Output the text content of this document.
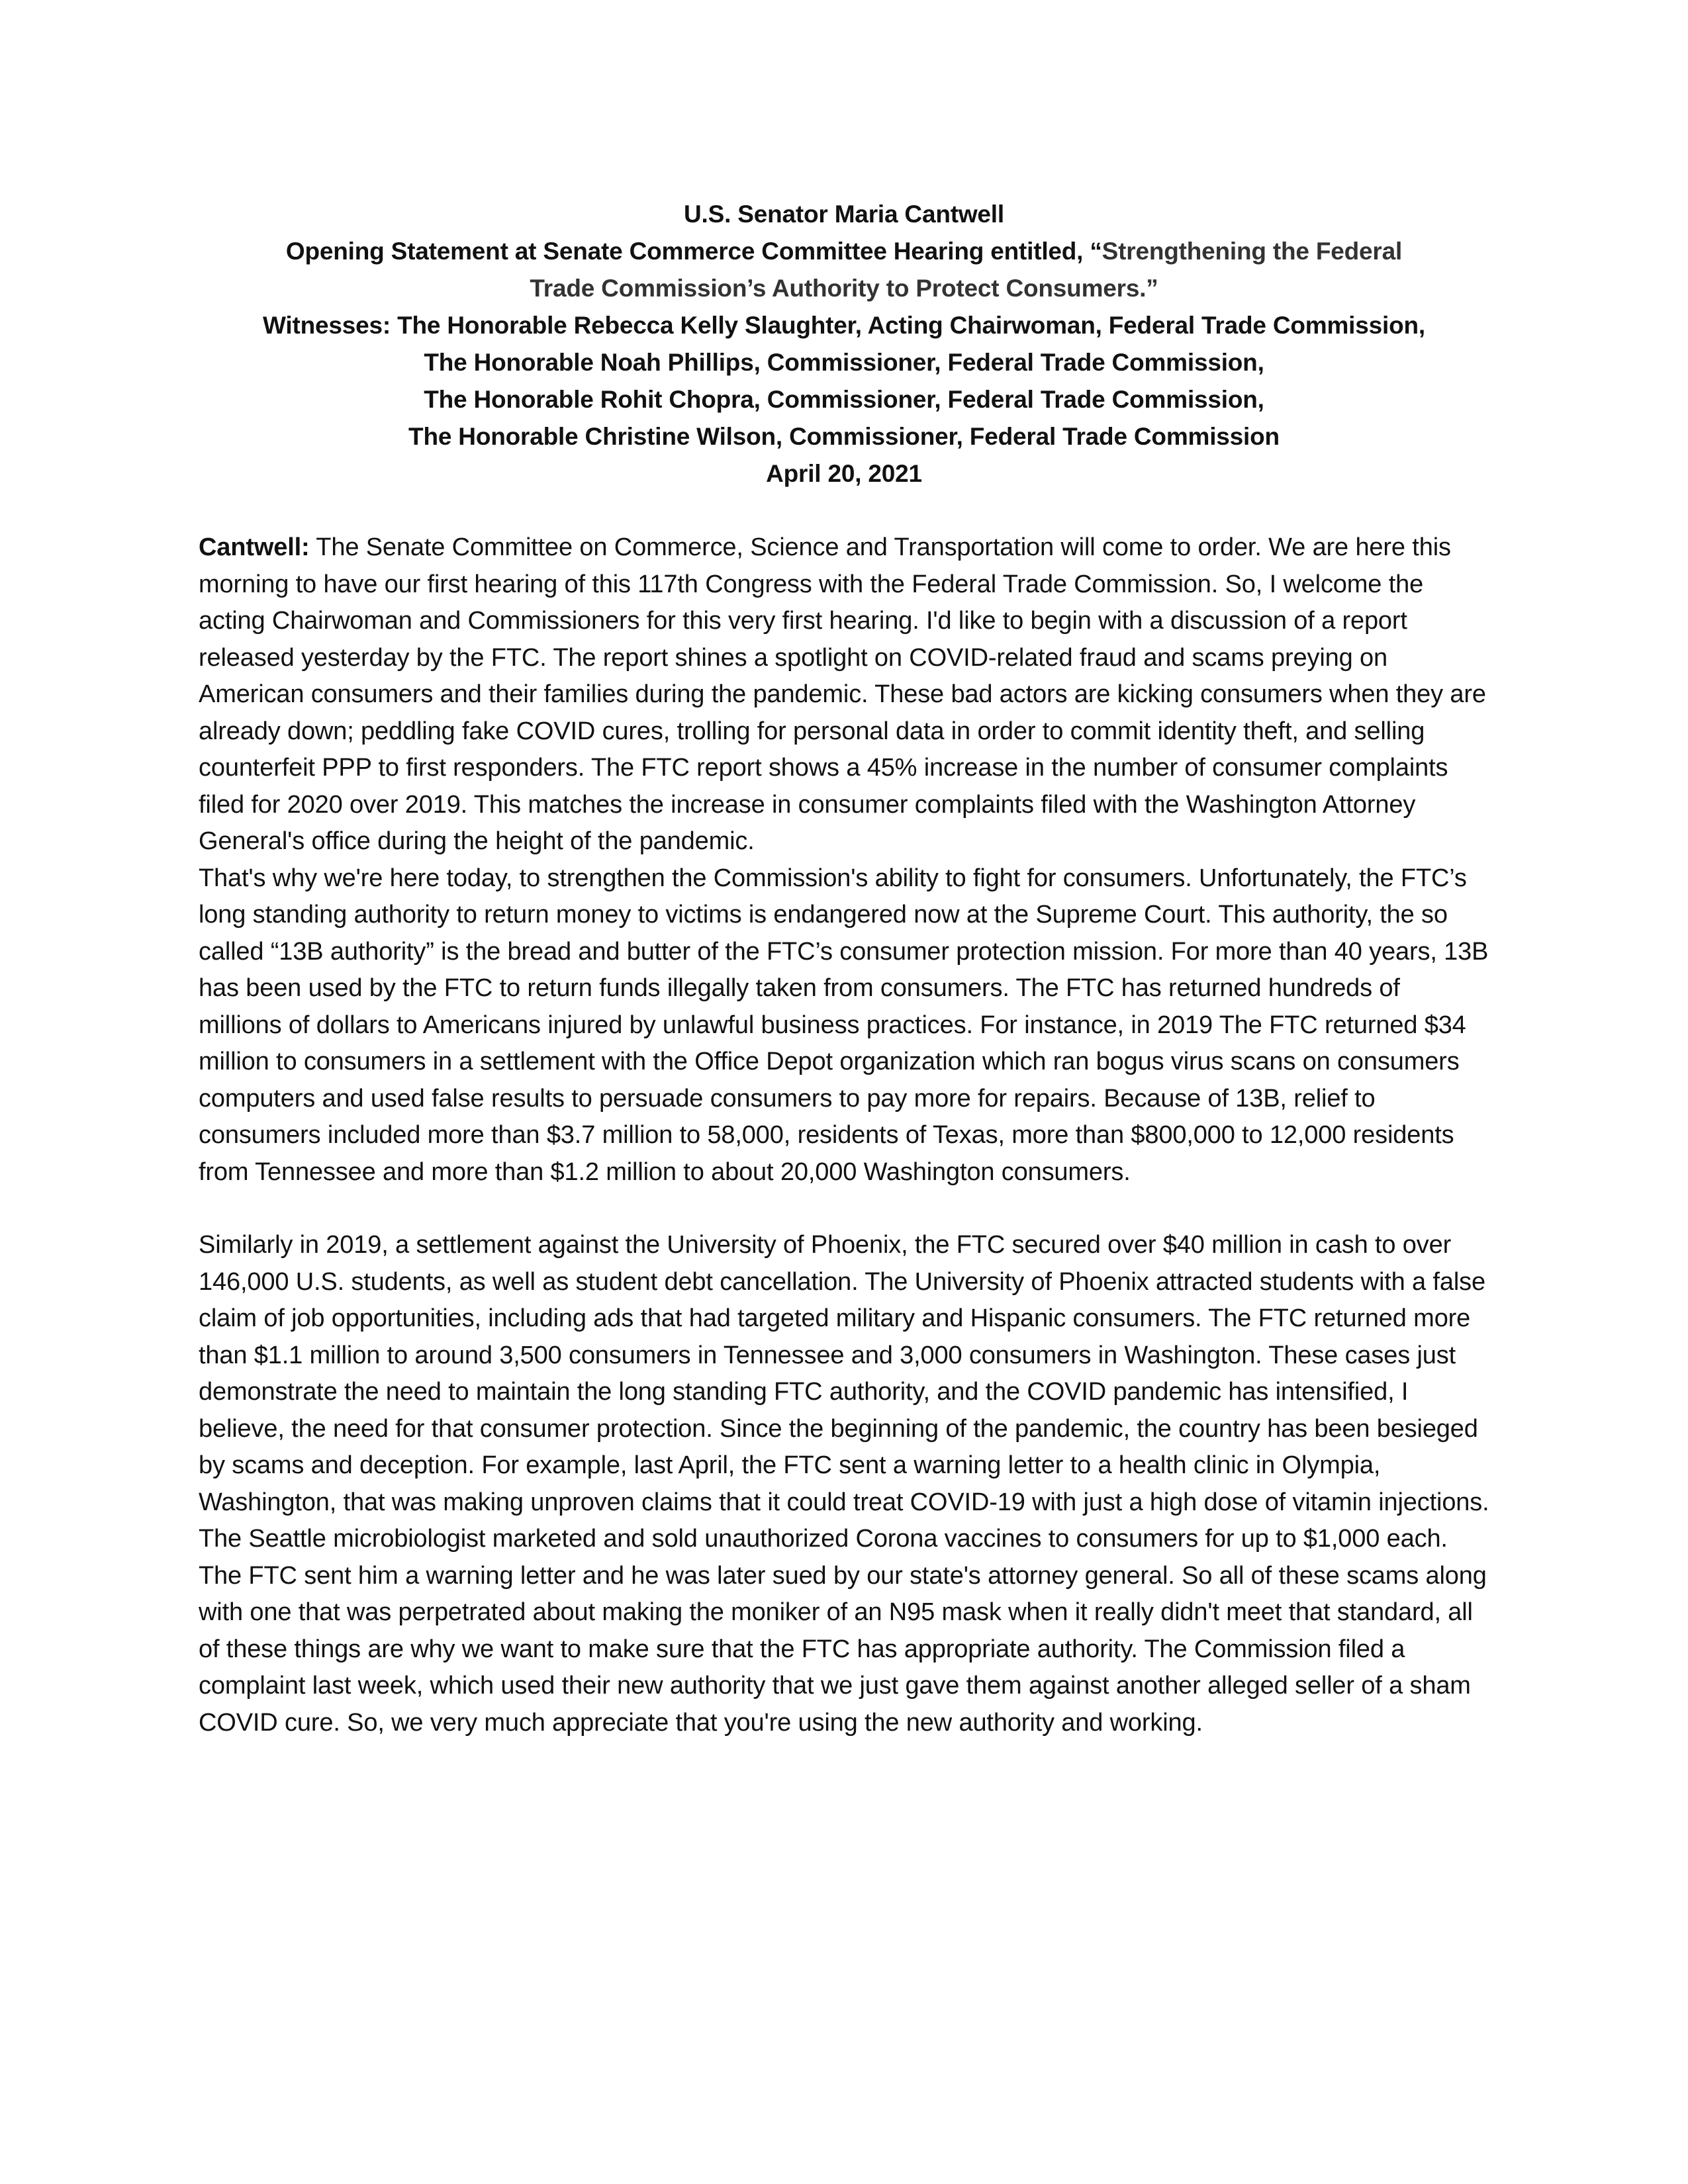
U.S. Senator Maria Cantwell
Opening Statement at Senate Commerce Committee Hearing entitled, “Strengthening the Federal
Trade Commission’s Authority to Protect Consumers.”
Witnesses: The Honorable Rebecca Kelly Slaughter, Acting Chairwoman, Federal Trade Commission,
The Honorable Noah Phillips, Commissioner, Federal Trade Commission,
The Honorable Rohit Chopra, Commissioner, Federal Trade Commission,
The Honorable Christine Wilson, Commissioner, Federal Trade Commission
April 20, 2021

Cantwell: The Senate Committee on Commerce, Science and Transportation will come to order. We are here this morning to have our first hearing of this 117th Congress with the Federal Trade Commission. So, I welcome the acting Chairwoman and Commissioners for this very first hearing. I'd like to begin with a discussion of a report released yesterday by the FTC. The report shines a spotlight on COVID-related fraud and scams preying on American consumers and their families during the pandemic. These bad actors are kicking consumers when they are already down; peddling fake COVID cures, trolling for personal data in order to commit identity theft, and selling counterfeit PPP to first responders. The FTC report shows a 45% increase in the number of consumer complaints filed for 2020 over 2019. This matches the increase in consumer complaints filed with the Washington Attorney General's office during the height of the pandemic.

That's why we're here today, to strengthen the Commission's ability to fight for consumers. Unfortunately, the FTC’s long standing authority to return money to victims is endangered now at the Supreme Court. This authority, the so called “13B authority” is the bread and butter of the FTC’s consumer protection mission. For more than 40 years, 13B has been used by the FTC to return funds illegally taken from consumers. The FTC has returned hundreds of millions of dollars to Americans injured by unlawful business practices. For instance, in 2019 The FTC returned $34 million to consumers in a settlement with the Office Depot organization which ran bogus virus scans on consumers computers and used false results to persuade consumers to pay more for repairs. Because of 13B, relief to consumers included more than $3.7 million to 58,000, residents of Texas, more than $800,000 to 12,000 residents from Tennessee and more than $1.2 million to about 20,000 Washington consumers.

Similarly in 2019, a settlement against the University of Phoenix, the FTC secured over $40 million in cash to over 146,000 U.S. students, as well as student debt cancellation. The University of Phoenix attracted students with a false claim of job opportunities, including ads that had targeted military and Hispanic consumers. The FTC returned more than $1.1 million to around 3,500 consumers in Tennessee and 3,000 consumers in Washington. These cases just demonstrate the need to maintain the long standing FTC authority, and the COVID pandemic has intensified, I believe, the need for that consumer protection. Since the beginning of the pandemic, the country has been besieged by scams and deception. For example, last April, the FTC sent a warning letter to a health clinic in Olympia, Washington, that was making unproven claims that it could treat COVID-19 with just a high dose of vitamin injections. The Seattle microbiologist marketed and sold unauthorized Corona vaccines to consumers for up to $1,000 each. The FTC sent him a warning letter and he was later sued by our state's attorney general. So all of these scams along with one that was perpetrated about making the moniker of an N95 mask when it really didn't meet that standard, all of these things are why we want to make sure that the FTC has appropriate authority. The Commission filed a complaint last week, which used their new authority that we just gave them against another alleged seller of a sham COVID cure. So, we very much appreciate that you're using the new authority and working.
